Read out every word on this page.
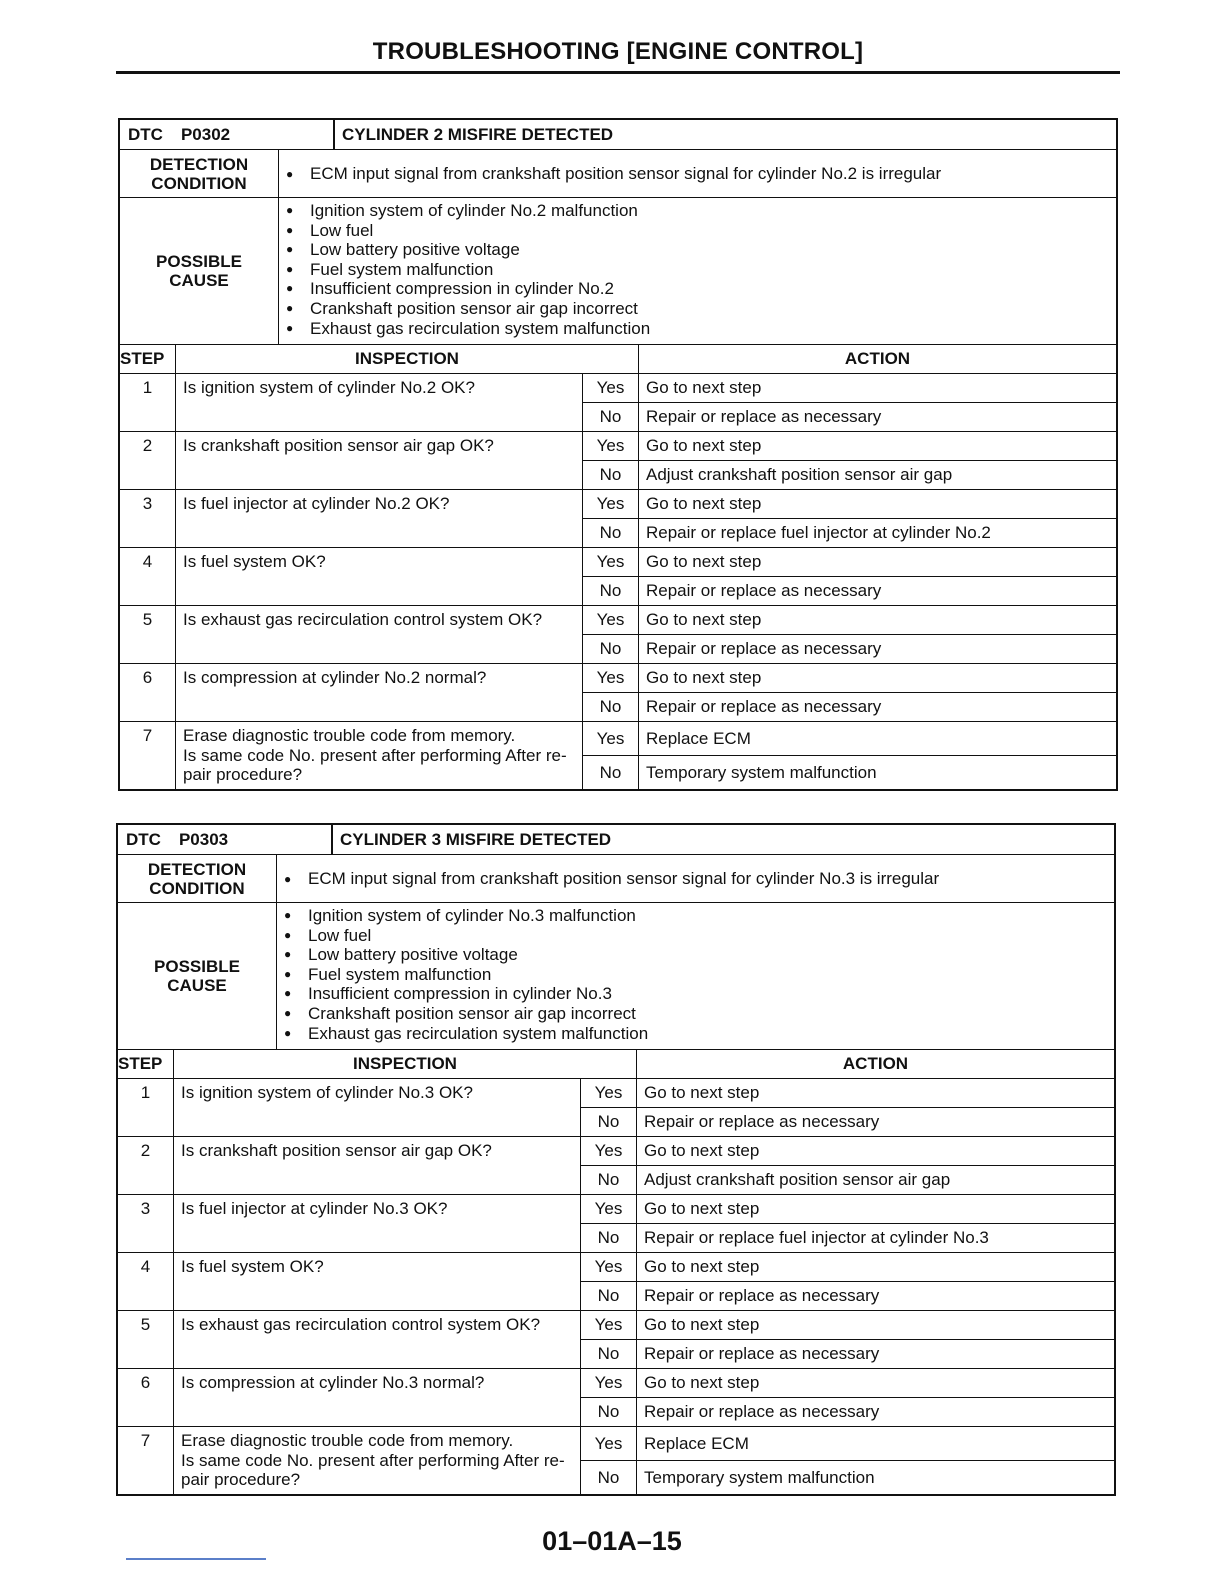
TROUBLESHOOTING [ENGINE CONTROL]
DTC P0302	CYLINDER 2 MISFIRE DETECTED
DETECTION
CONDITION	● ECM input signal from crankshaft position sensor signal for cylinder No.2 is irregular
POSSIBLE
CAUSE
● Ignition system of cylinder No.2 malfunction
● Low fuel
● Low battery positive voltage
● Fuel system malfunction
● Insufficient compression in cylinder No.2
● Crankshaft position sensor air gap incorrect
● Exhaust gas recirculation system malfunction
STEP	INSPECTION		ACTION
1	Is ignition system of cylinder No.2 OK?	Yes	Go to next step
		No	Repair or replace as necessary
2	Is crankshaft position sensor air gap OK?	Yes	Go to next step
		No	Adjust crankshaft position sensor air gap
3	Is fuel injector at cylinder No.2 OK?	Yes	Go to next step
		No	Repair or replace fuel injector at cylinder No.2
4	Is fuel system OK?	Yes	Go to next step
		No	Repair or replace as necessary
5	Is exhaust gas recirculation control system OK?	Yes	Go to next step
		No	Repair or replace as necessary
6	Is compression at cylinder No.2 normal?	Yes	Go to next step
		No	Repair or replace as necessary
7	Erase diagnostic trouble code from memory.
Is same code No. present after performing After re-
pair procedure?	Yes	Replace ECM
		No	Temporary system malfunction
DTC P0303	CYLINDER 3 MISFIRE DETECTED
DETECTION
CONDITION	● ECM input signal from crankshaft position sensor signal for cylinder No.3 is irregular
POSSIBLE
CAUSE
● Ignition system of cylinder No.3 malfunction
● Low fuel
● Low battery positive voltage
● Fuel system malfunction
● Insufficient compression in cylinder No.3
● Crankshaft position sensor air gap incorrect
● Exhaust gas recirculation system malfunction
STEP	INSPECTION		ACTION
1	Is ignition system of cylinder No.3 OK?	Yes	Go to next step
		No	Repair or replace as necessary
2	Is crankshaft position sensor air gap OK?	Yes	Go to next step
		No	Adjust crankshaft position sensor air gap
3	Is fuel injector at cylinder No.3 OK?	Yes	Go to next step
		No	Repair or replace fuel injector at cylinder No.3
4	Is fuel system OK?	Yes	Go to next step
		No	Repair or replace as necessary
5	Is exhaust gas recirculation control system OK?	Yes	Go to next step
		No	Repair or replace as necessary
6	Is compression at cylinder No.3 normal?	Yes	Go to next step
		No	Repair or replace as necessary
7	Erase diagnostic trouble code from memory.
Is same code No. present after performing After re-
pair procedure?	Yes	Replace ECM
		No	Temporary system malfunction
01–01A–15
